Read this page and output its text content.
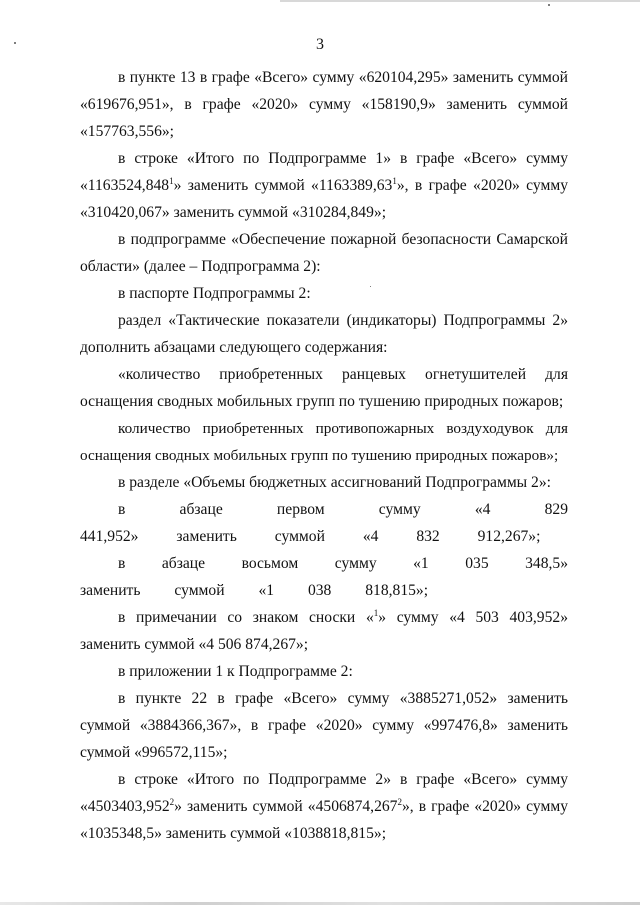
3

в пункте 13 в графе «Всего» сумму «620104,295» заменить суммой «619676,951», в графе «2020» сумму «158190,9» заменить суммой «157763,556»;

в строке «Итого по Подпрограмме 1» в графе «Всего» сумму «1163524,848$^1$» заменить суммой «1163389,63$^1$», в графе «2020» сумму «310420,067» заменить суммой «310284,849»;

в подпрограмме «Обеспечение пожарной безопасности Самарской области» (далее – Подпрограмма 2):

в паспорте Подпрограммы 2:

раздел «Тактические показатели (индикаторы) Подпрограммы 2» дополнить абзацами следующего содержания:

«количество приобретенных ранцевых огнетушителей для оснащения сводных мобильных групп по тушению природных пожаров;

количество приобретенных противопожарных воздуходувок для оснащения сводных мобильных групп по тушению природных пожаров»;

в разделе «Объемы бюджетных ассигнований Подпрограммы 2»:

в абзаце первом сумму «4 829 441,952» заменить суммой «4 832 912,267»;

в абзаце восьмом сумму «1 035 348,5» заменить суммой «1 038 818,815»;

в примечании со знаком сноски «$^1$» сумму «4 503 403,952» заменить суммой «4 506 874,267»;

в приложении 1 к Подпрограмме 2:

в пункте 22 в графе «Всего» сумму «3885271,052» заменить суммой «3884366,367», в графе «2020» сумму «997476,8» заменить суммой «996572,115»;

в строке «Итого по Подпрограмме 2» в графе «Всего» сумму «4503403,952$^2$» заменить суммой «4506874,267$^2$», в графе «2020» сумму «1035348,5» заменить суммой «1038818,815»;
